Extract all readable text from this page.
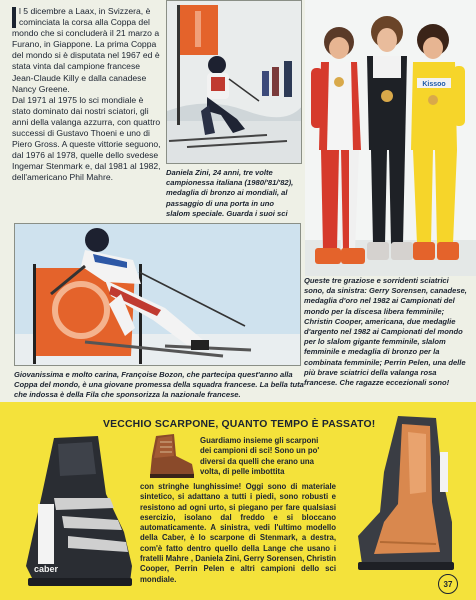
l 5 dicembre a Laax, in Svizzera, è cominciata la corsa alla Coppa del mondo che si concluderà il 21 marzo a Furano, in Giappone. La prima Coppa del mondo si è disputata nel 1967 ed è stata vinta dal campione francese Jean-Claude Killy e dalla canadese Nancy Greene.

Dal 1971 al 1975 lo sci mondiale è stato dominato dai nostri sciatori, gli anni della valanga azzurra, con quattro successi di Gustavo Thoeni e uno di Piero Gross. A queste vittorie seguono, dal 1976 al 1978, quelle dello svedese Ingemar Stenmark e, dal 1981 al 1982, dell'americano Phil Mahre.	Daniela Zini, 24 anni, tre volte campionessa italiana (1980/'81/'82), medaglia di bronzo ai mondiali, al passaggio di una porta in uno slalom speciale. Guarda i suoi sci
Kissoo
Queste tre graziose e sorridenti sciatrici sono, da sinistra: Gerry Sorensen, canadese, medaglia d'oro nel 1982 ai Campionati del mondo per la discesa libera femminile; Christin Cooper, americana, due medaglie d'argento nel 1982 ai Campionati del mondo per lo slalom gigante femminile, slalom femminile e medaglia di bronzo per la combinata femminile; Perrin Pelen, una delle più brave sciatrici della valanga rosa francese. Che ragazze eccezionali sono!
Giovanissima e molto carina, Françoise Bozon, che partecipa quest'anno alla Coppa del mondo, è una giovane promessa della squadra francese. La bella tuta che indossa è della Fila che sponsorizza la nazionale francese.
caber
VECCHIO SCARPONE, QUANTO TEMPO È PASSATO!
Guardiamo insieme gli scarponi dei campioni di sci! Sono un po' diversi da quelli che erano una volta, di pelle imbottita
con stringhe lunghissime! Oggi sono di materiale sintetico, si adattano a tutti i piedi, sono robusti e resistono ad ogni urto, si piegano per fare qualsiasi esercizio, isolano dal freddo e si bloccano automaticamente. A sinistra, vedi l'ultimo modello della Caber, è lo scarpone di Stenmark, a destra, com'è fatto dentro quello della Lange che usano i fratelli Mahre , Daniela Zini, Gerry Sorensen, Christin Cooper, Perrin Pelen e altri campioni dello sci mondiale.
37
